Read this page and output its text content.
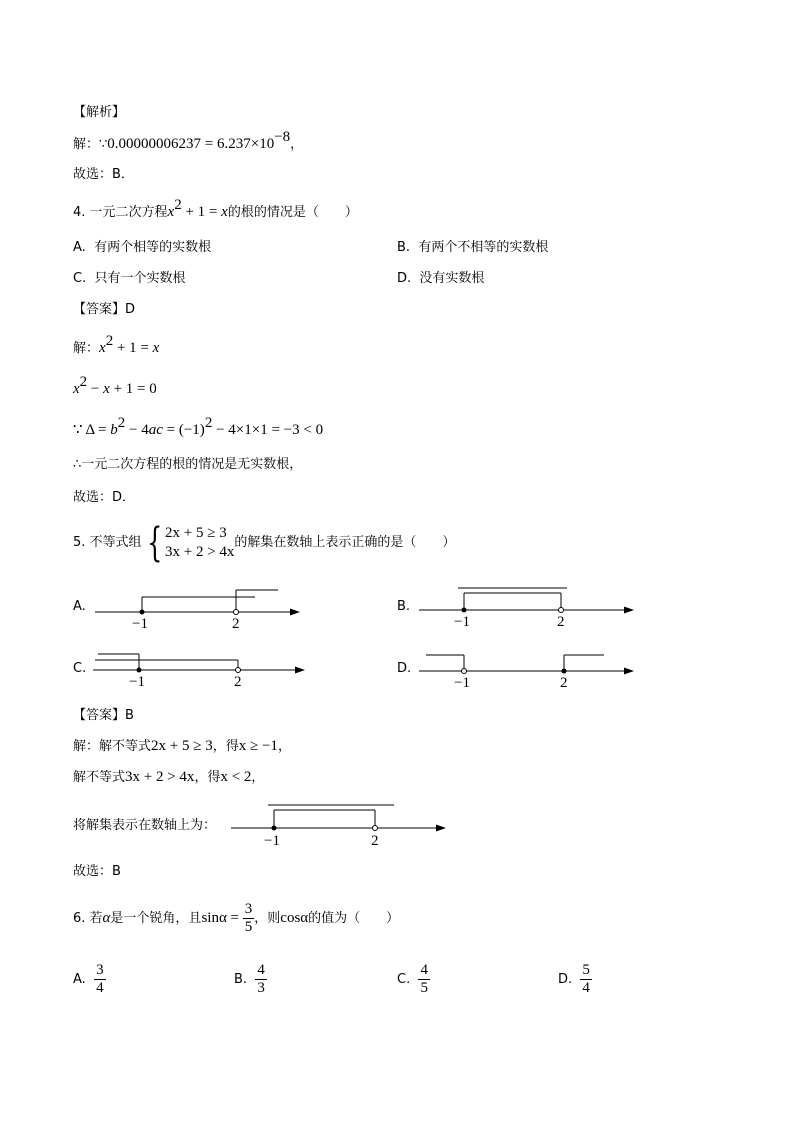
【解析】
解：∵0.00000006237 = $6.237\times 10^{-8}$，
故选：B．
4. 一元二次方程$x^2 + 1 = x$的根的情况是（　　）
A. 有两个相等的实数根	B. 有两个不相等的实数根
C. 只有一个实数根	D. 没有实数根
【答案】D
解：$x^2 + 1 = x$
$x^2 - x + 1 = 0$
∵ $\Delta = b^2 - 4ac = (-1)^2 - 4\times 1\times 1 = -3 < 0$
∴一元二次方程的根的情况是无实数根，
故选：D．
5. 不等式组 { 2x + 5 ≥ 3
3x + 2 > 4x
的解集在数轴上表示正确的是（　　）
A.
−1	2
B.
−1	2
C.
−1	2
D.
−1	2
【答案】B
解：解不等式2x + 5 ≥ 3，得x ≥ −1，
解不等式3x + 2 > 4x，得x < 2，
将解集表示在数轴上为：
−1	2
故选：B
6. 若α是一个锐角，且$\sin\alpha = \frac{3}{5}$ ，则cosα的值为（　　）
A. $\frac{3}{4}$	B. $\frac{4}{3}$	C. $\frac{4}{5}$	D. $\frac{5}{4}$
